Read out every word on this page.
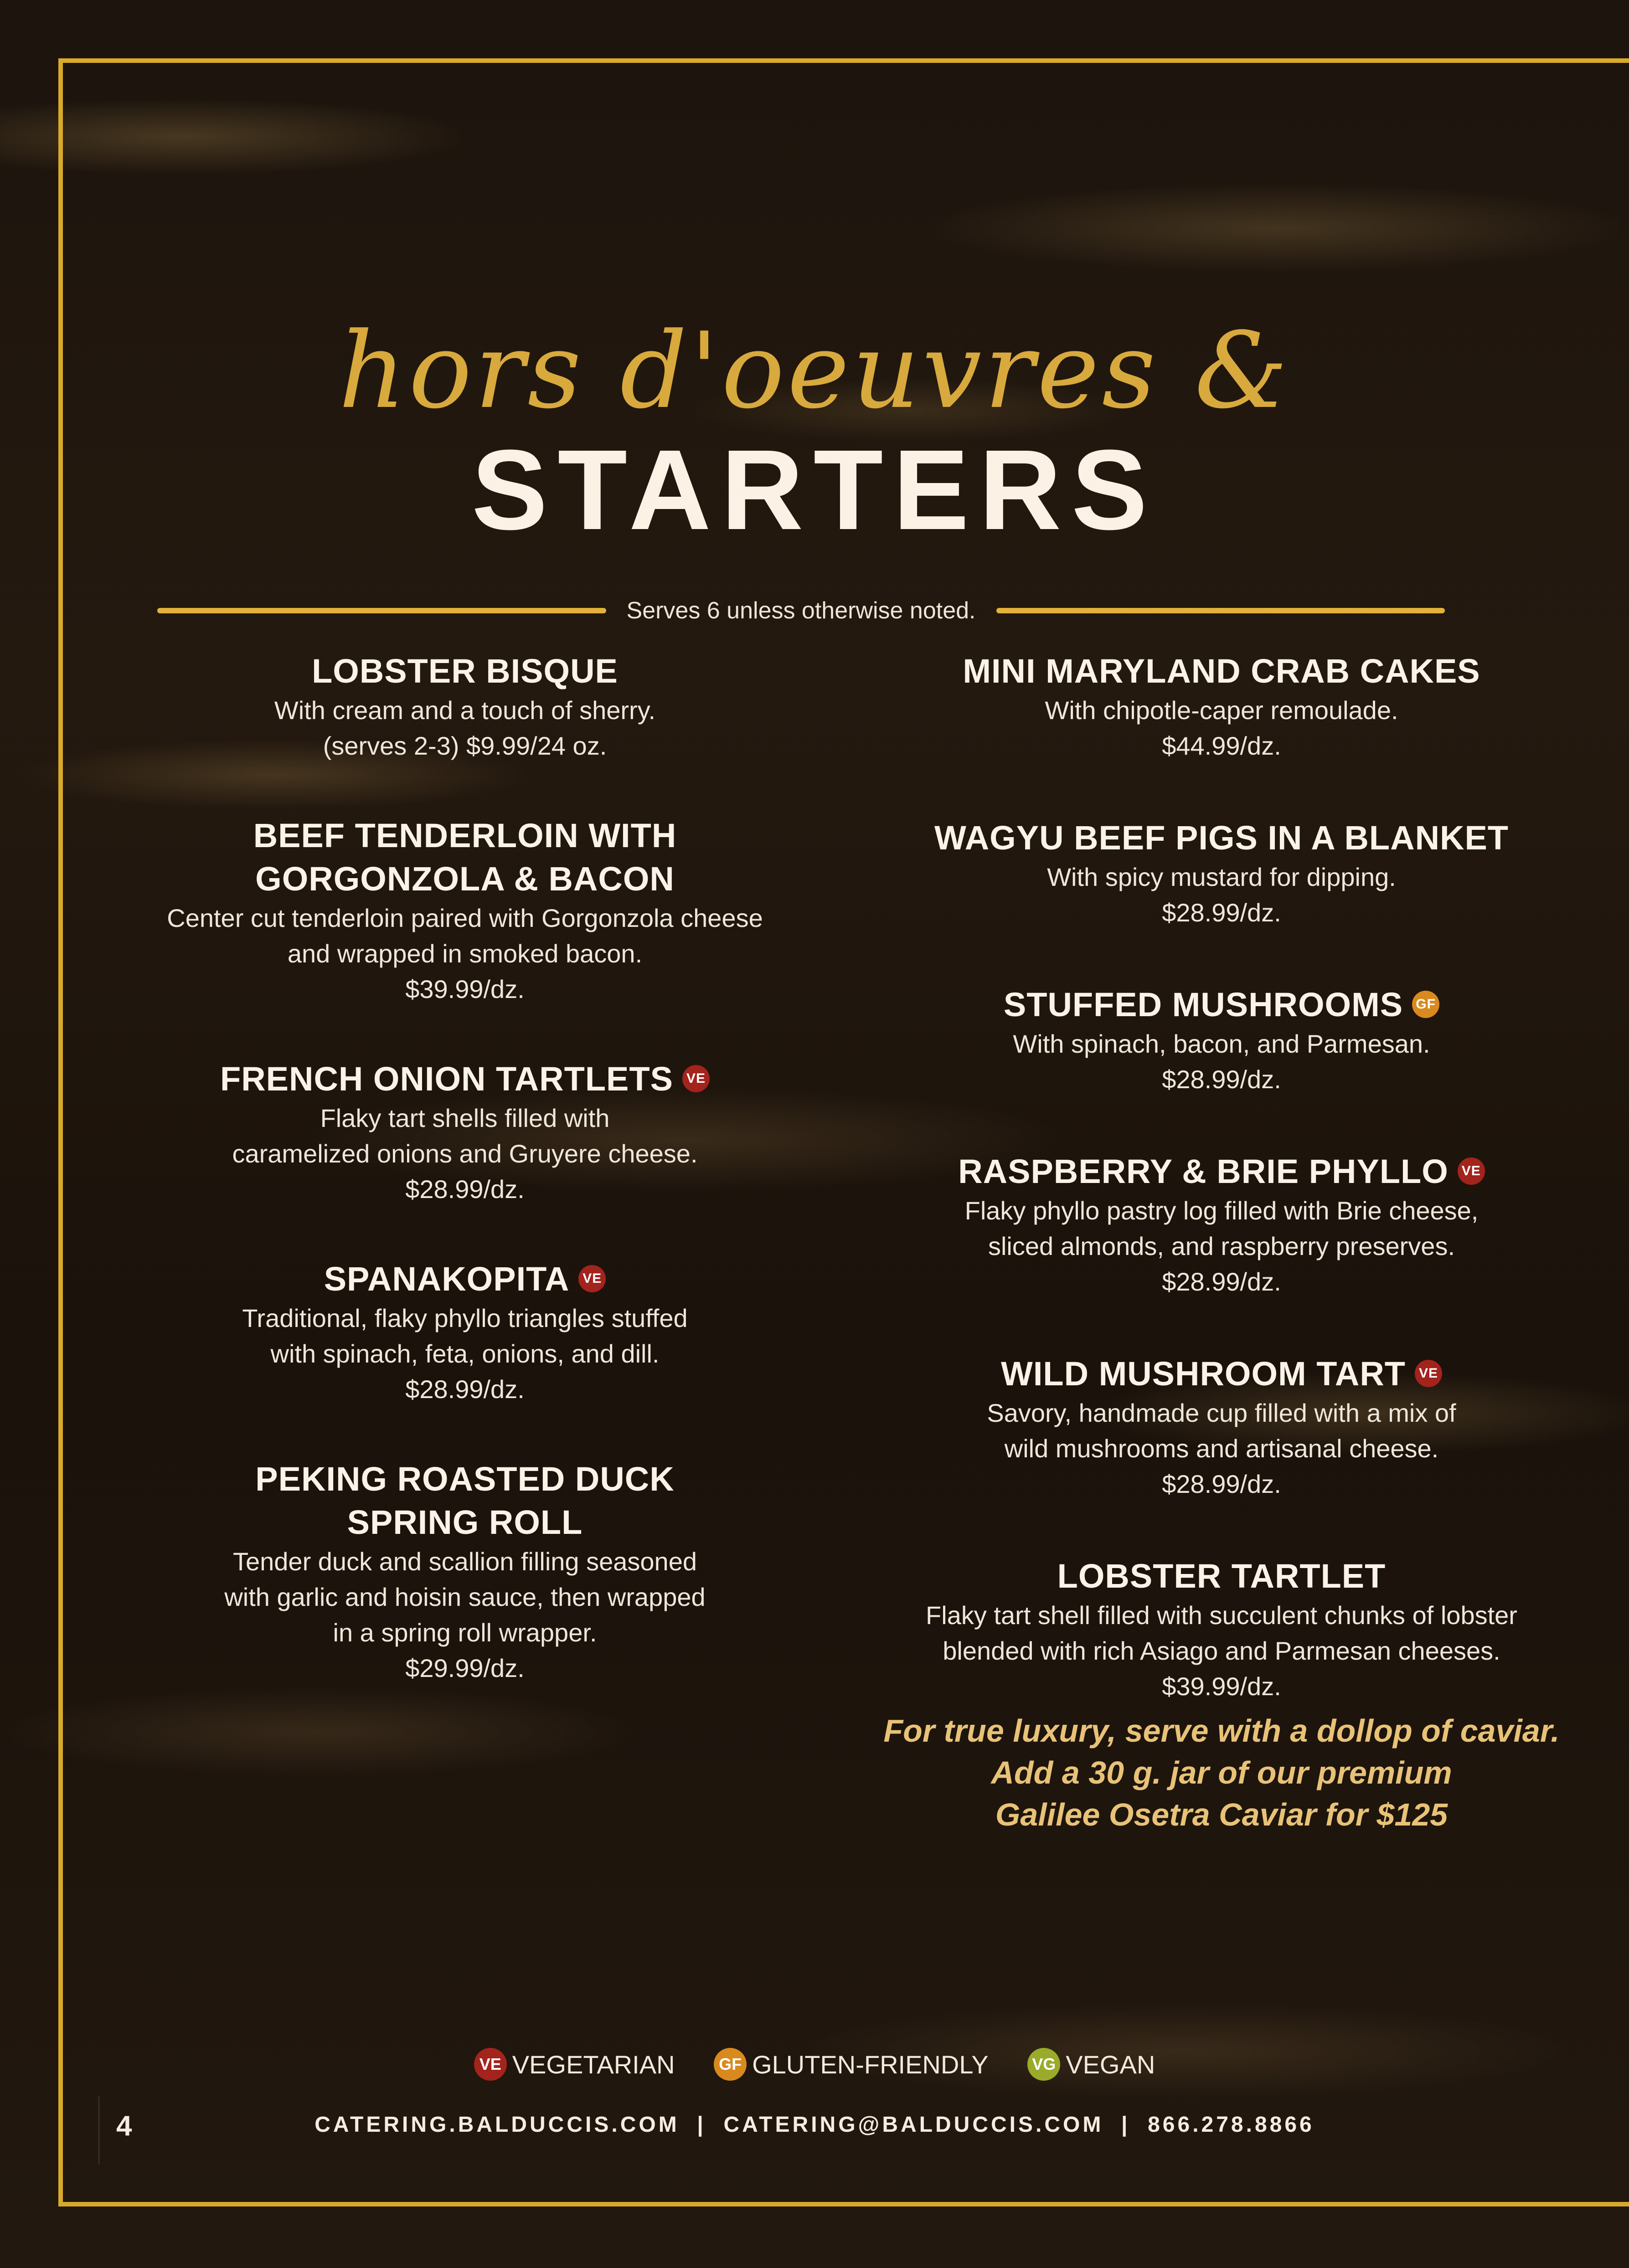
hors d'oeuvres &
STARTERS
Serves 6 unless otherwise noted.
LOBSTER BISQUE
With cream and a touch of sherry.
(serves 2-3) $9.99/24 oz.
BEEF TENDERLOIN WITH
GORGONZOLA & BACON
Center cut tenderloin paired with Gorgonzola cheese
and wrapped in smoked bacon.
$39.99/dz.
FRENCH ONION TARTLETS VE
Flaky tart shells filled with
caramelized onions and Gruyere cheese.
$28.99/dz.
SPANAKOPITA VE
Traditional, flaky phyllo triangles stuffed
with spinach, feta, onions, and dill.
$28.99/dz.
PEKING ROASTED DUCK
SPRING ROLL
Tender duck and scallion filling seasoned
with garlic and hoisin sauce, then wrapped
in a spring roll wrapper.
$29.99/dz.
MINI MARYLAND CRAB CAKES
With chipotle-caper remoulade.
$44.99/dz.
WAGYU BEEF PIGS IN A BLANKET
With spicy mustard for dipping.
$28.99/dz.
STUFFED MUSHROOMS GF
With spinach, bacon, and Parmesan.
$28.99/dz.
RASPBERRY & BRIE PHYLLO VE
Flaky phyllo pastry log filled with Brie cheese,
sliced almonds, and raspberry preserves.
$28.99/dz.
WILD MUSHROOM TART VE
Savory, handmade cup filled with a mix of
wild mushrooms and artisanal cheese.
$28.99/dz.
LOBSTER TARTLET
Flaky tart shell filled with succulent chunks of lobster
blended with rich Asiago and Parmesan cheeses.
$39.99/dz.
For true luxury, serve with a dollop of caviar.
Add a 30 g. jar of our premium
Galilee Osetra Caviar for $125
VE VEGETARIAN
	GF GLUTEN-FRIENDLY
	VG VEGAN
4	CATERING.BALDUCCIS.COM  |  CATERING@BALDUCCIS.COM  |  866.278.8866
